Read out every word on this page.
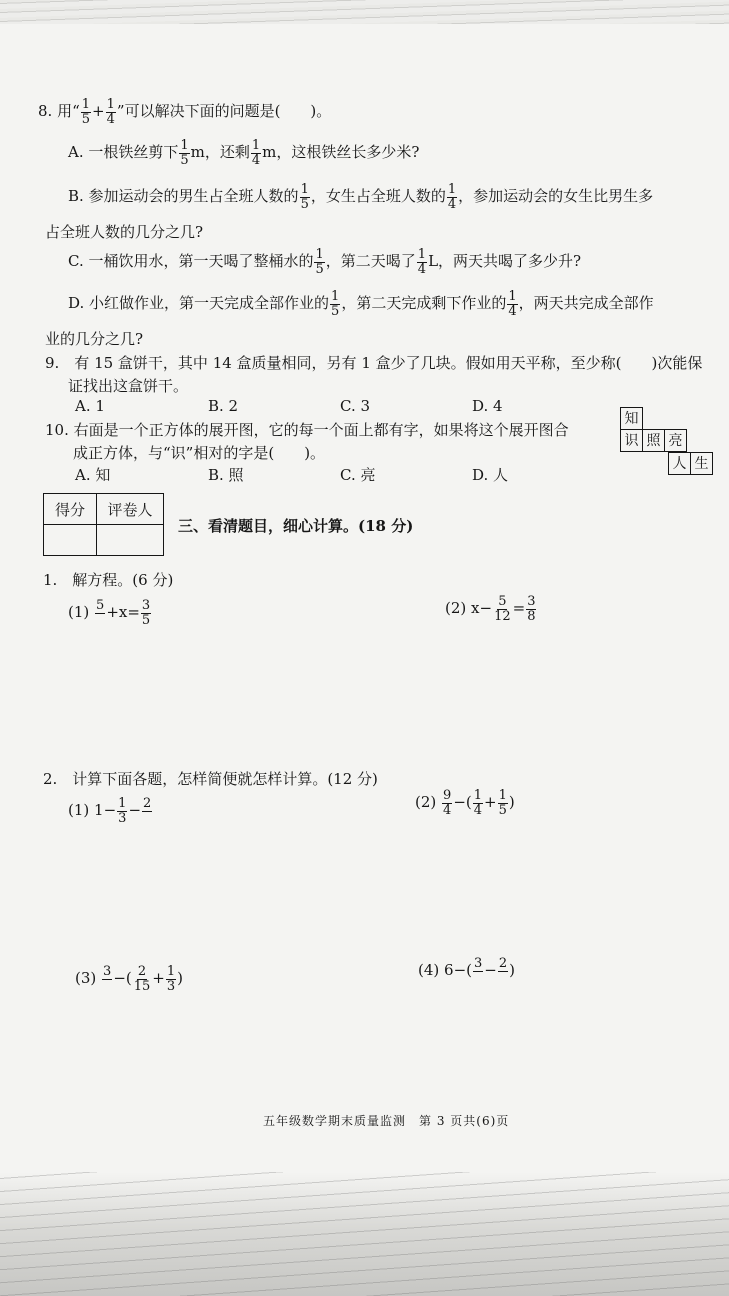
8. 用“ $\frac{1}{5} + \frac{1}{4}$ ”可以解决下面的问题是(　　)。
A. 一根铁丝剪下 $\frac{1}{5}$ m，还剩 $\frac{1}{4}$ m，这根铁丝长多少米?
B. 参加运动会的男生占全班人数的 $\frac{1}{5}$ ，女生占全班人数的 $\frac{1}{4}$ ，参加运动会的女生比男生多
占全班人数的几分之几?
C. 一桶饮用水，第一天喝了整桶水的 $\frac{1}{5}$ ，第二天喝了 $\frac{1}{4}$ L，两天共喝了多少升?
D. 小红做作业，第一天完成全部作业的 $\frac{1}{5}$ ，第二天完成剩下作业的 $\frac{1}{4}$ ，两天共完成全部作
业的几分之几?
9.　有 15 盒饼干，其中 14 盒质量相同，另有 1 盒少了几块。假如用天平称，至少称(　　)次能保
证找出这盒饼干。
A. 1	B. 2	C. 3	D. 4
10. 右面是一个正方体的展开图，它的每一个面上都有字，如果将这个展开图合
成正方体，与“识”相对的字是(　　)。
A. 知	B. 照	C. 亮	D. 人
知
识 照 亮
人 生
得分	评卷人

三、看清题目，细心计算。(18 分)
1.　解方程。(6 分)
(1) 5
$+x= \frac{3}{5}$	(2) $x- \frac{5}{12} = \frac{3}{8}$
2.　计算下面各题，怎样简便就怎样计算。(12 分)
(1) $1- \frac{1}{3} - 2$
	$(2) \frac{9}{4}$ −( $\frac{1}{4} + \frac{1}{5}$ )
(3) 3
−( $\frac{2}{15} + \frac{1}{3}$ )	(4) 6−( 3
− 2
)
五年级数学期末质量监测　第 3 页共(6)页
